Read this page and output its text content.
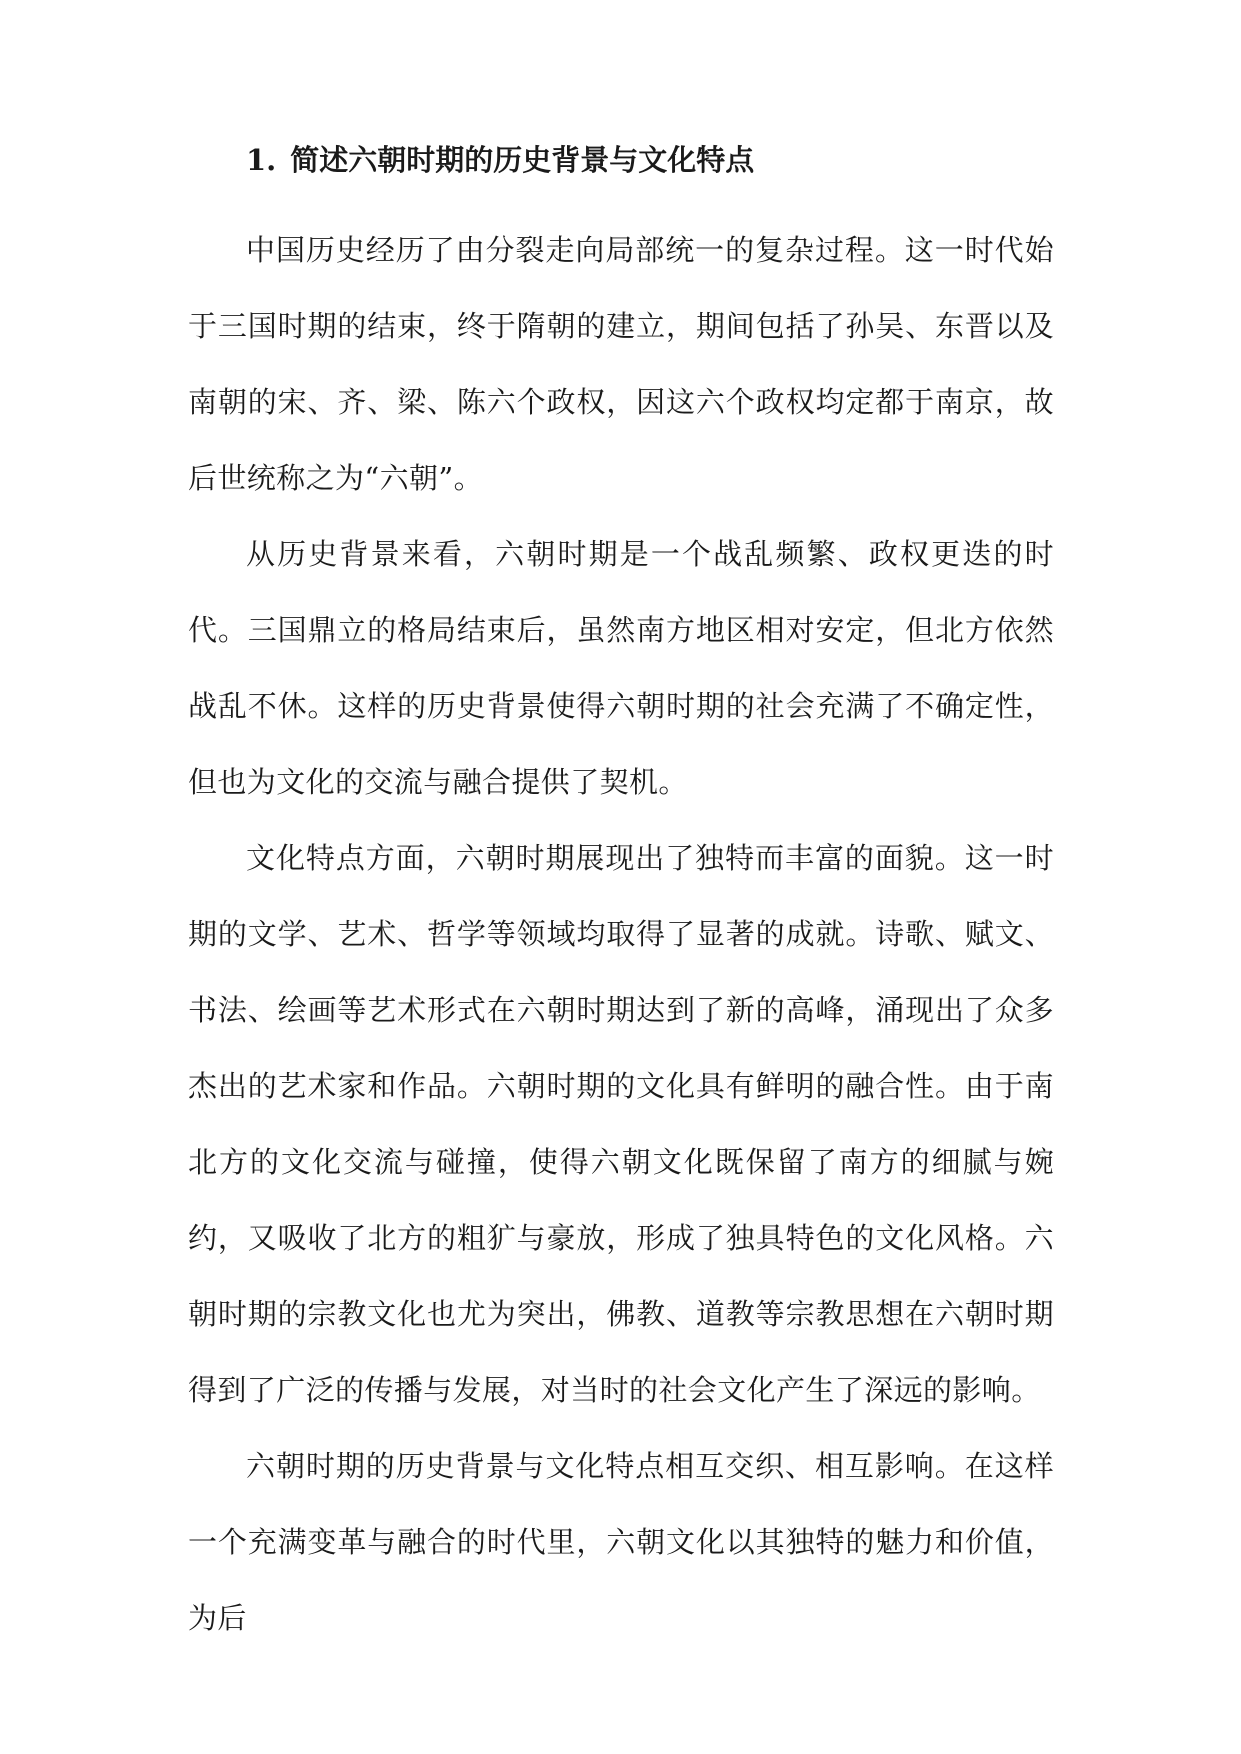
1. 简述六朝时期的历史背景与文化特点

中国历史经历了由分裂走向局部统一的复杂过程。这一时代始于三国时期的结束，终于隋朝的建立，期间包括了孙吴、东晋以及南朝的宋、齐、梁、陈六个政权，因这六个政权均定都于南京，故后世统称之为“六朝”。

从历史背景来看，六朝时期是一个战乱频繁、政权更迭的时代。三国鼎立的格局结束后，虽然南方地区相对安定，但北方依然战乱不休。这样的历史背景使得六朝时期的社会充满了不确定性，但也为文化的交流与融合提供了契机。

文化特点方面，六朝时期展现出了独特而丰富的面貌。这一时期的文学、艺术、哲学等领域均取得了显著的成就。诗歌、赋文、书法、绘画等艺术形式在六朝时期达到了新的高峰，涌现出了众多杰出的艺术家和作品。六朝时期的文化具有鲜明的融合性。由于南北方的文化交流与碰撞，使得六朝文化既保留了南方的细腻与婉约，又吸收了北方的粗犷与豪放，形成了独具特色的文化风格。六朝时期的宗教文化也尤为突出，佛教、道教等宗教思想在六朝时期得到了广泛的传播与发展，对当时的社会文化产生了深远的影响。

六朝时期的历史背景与文化特点相互交织、相互影响。在这样一个充满变革与融合的时代里，六朝文化以其独特的魅力和价值，为后
